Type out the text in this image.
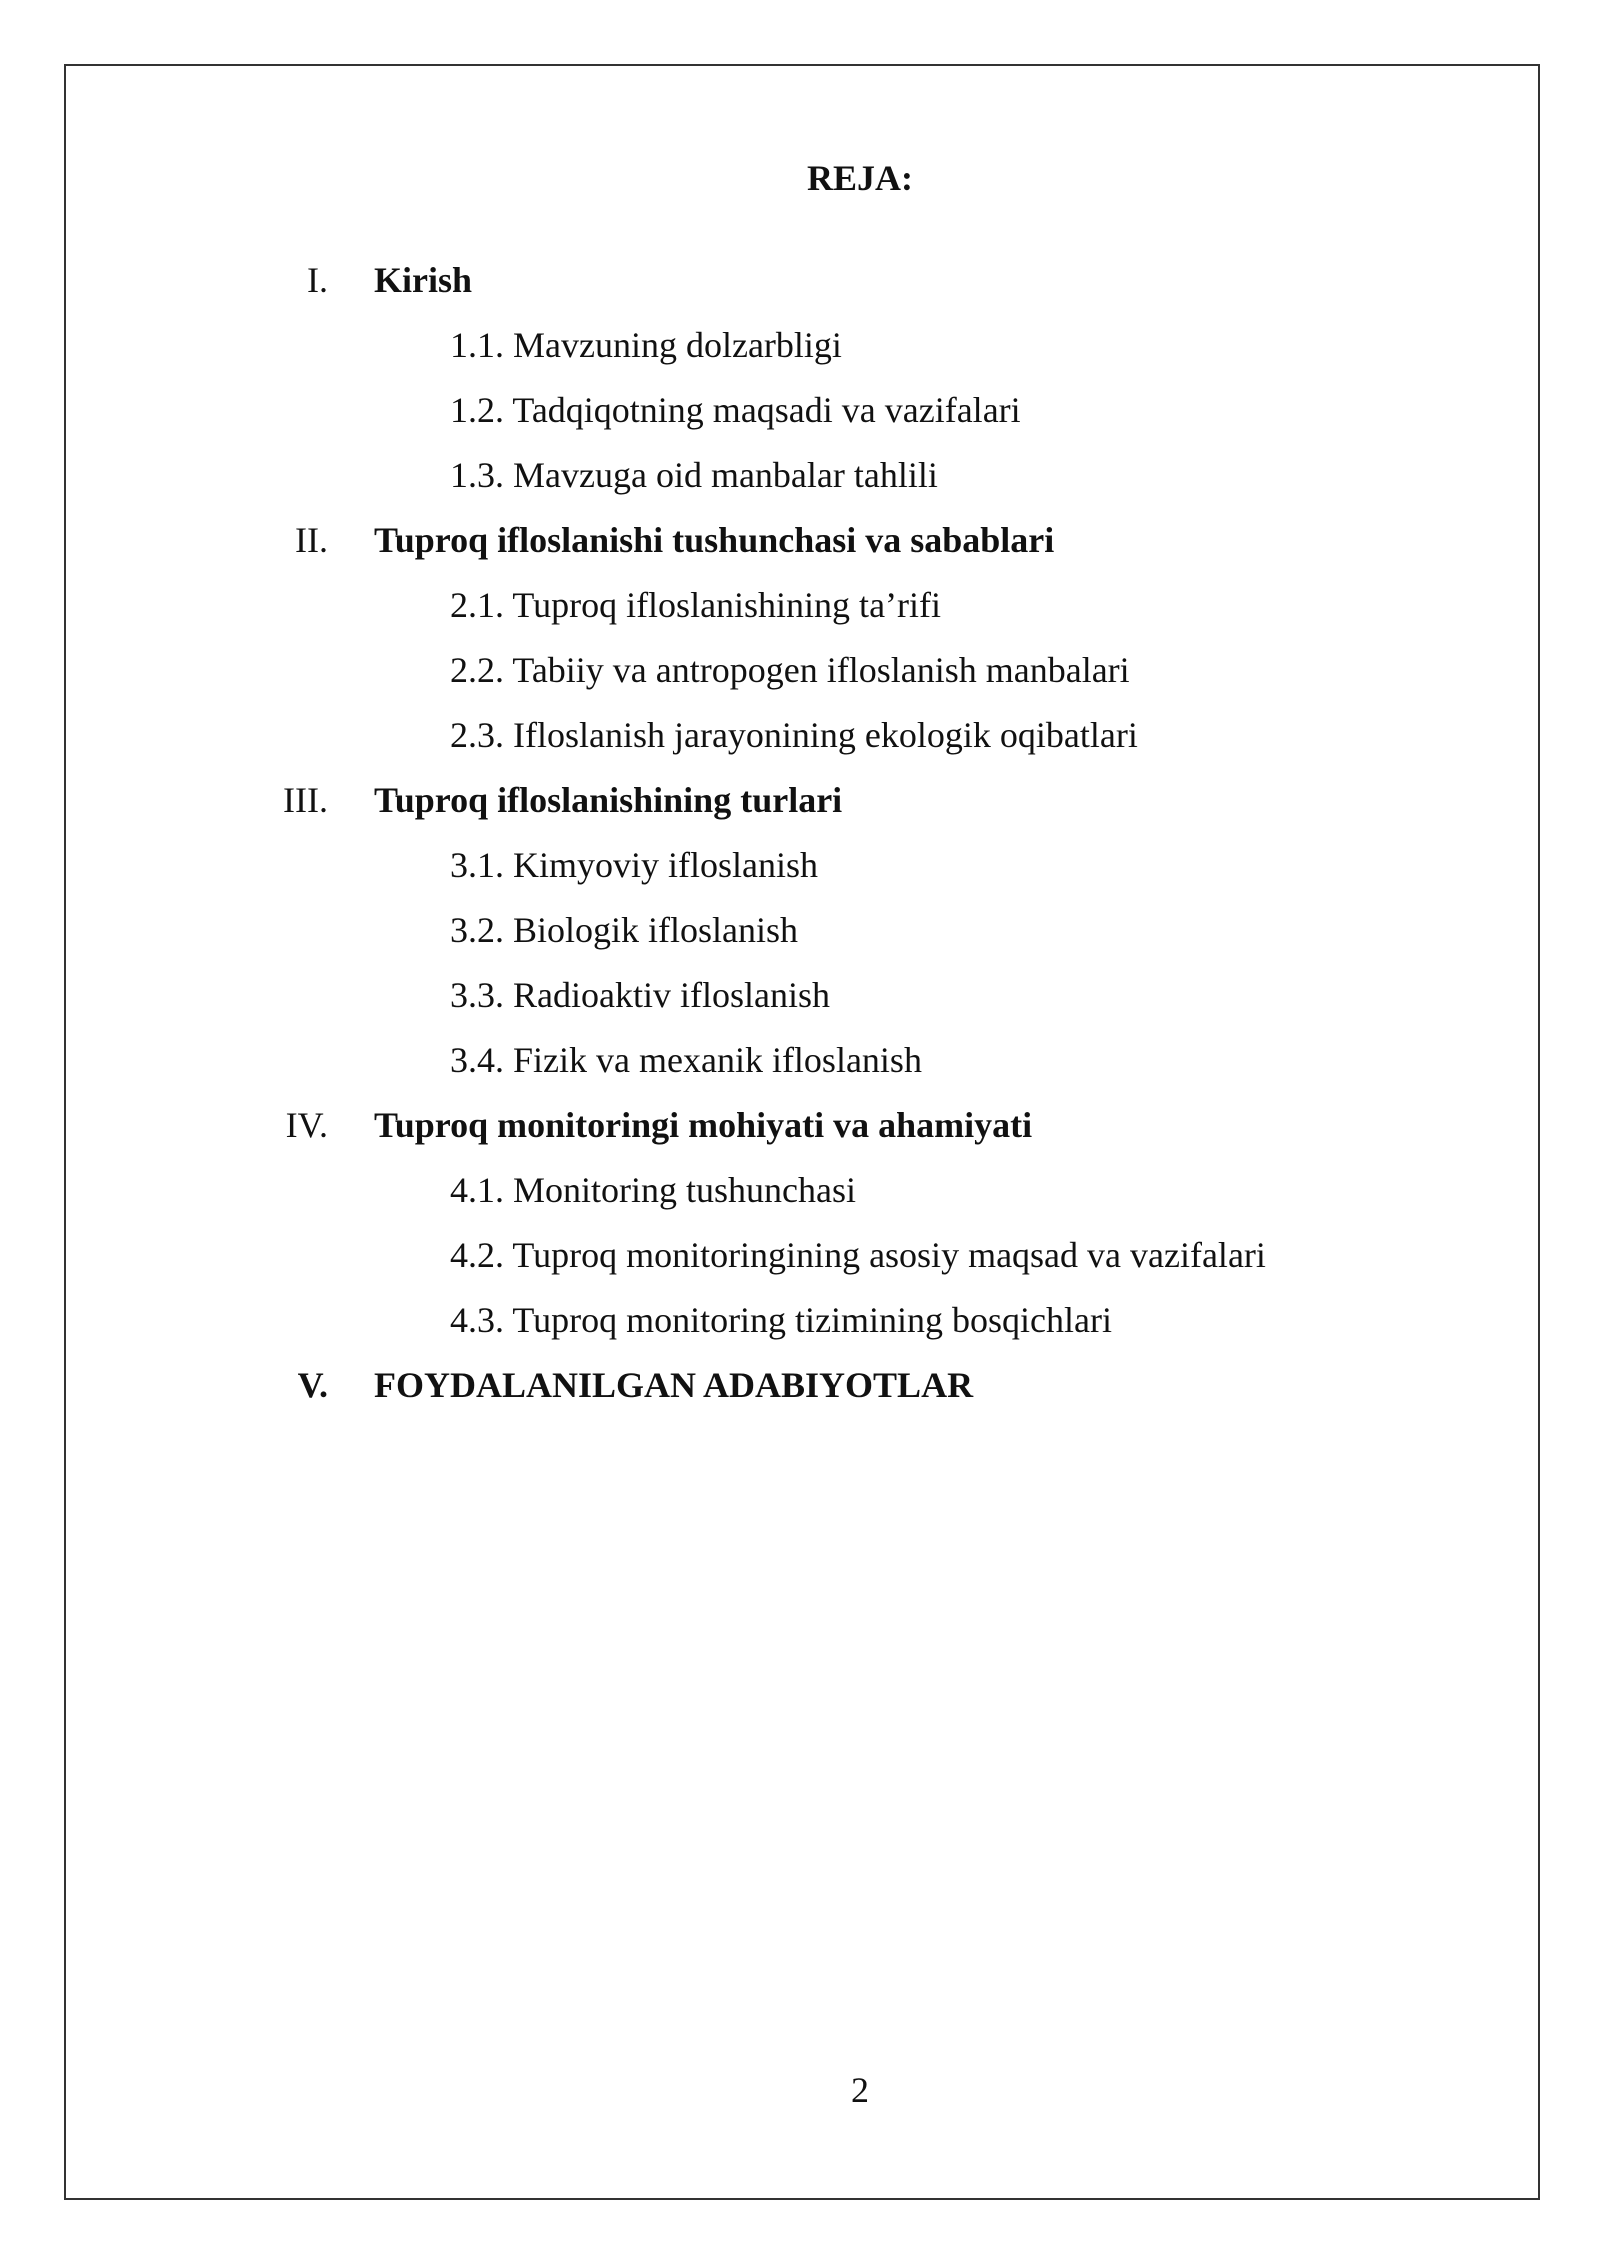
REJA:
I. Kirish
1.1. Mavzuning dolzarbligi
1.2. Tadqiqotning maqsadi va vazifalari
1.3. Mavzuga oid manbalar tahlili
II. Tuproq ifloslanishi tushunchasi va sabablari
2.1. Tuproq ifloslanishining ta’rifi
2.2. Tabiiy va antropogen ifloslanish manbalari
2.3. Ifloslanish jarayonining ekologik oqibatlari
III. Tuproq ifloslanishining turlari
3.1. Kimyoviy ifloslanish
3.2. Biologik ifloslanish
3.3. Radioaktiv ifloslanish
3.4. Fizik va mexanik ifloslanish
IV. Tuproq monitoringi mohiyati va ahamiyati
4.1. Monitoring tushunchasi
4.2. Tuproq monitoringining asosiy maqsad va vazifalari
4.3. Tuproq monitoring tizimining bosqichlari
V. FOYDALANILGAN ADABIYOTLAR
2
